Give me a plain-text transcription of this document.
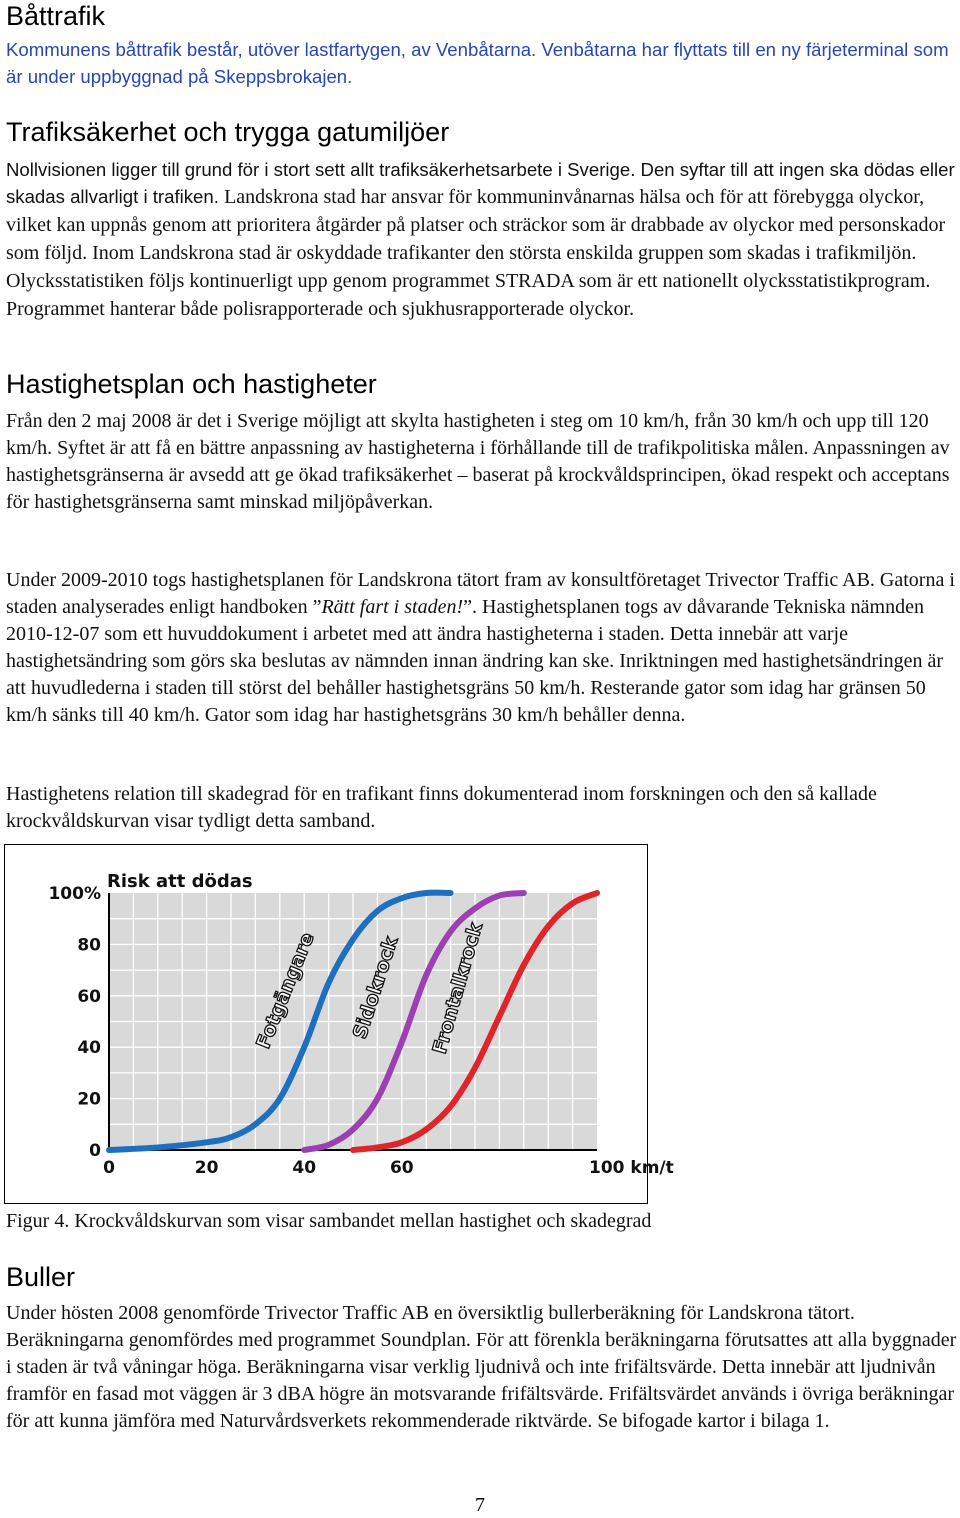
Båttrafik

Kommunens båttrafik består, utöver lastfartygen, av Venbåtarna. Venbåtarna har flyttats till en ny färjeterminal som är under uppbyggnad på Skeppsbrokajen.

Trafiksäkerhet och trygga gatumiljöer

Nollvisionen ligger till grund för i stort sett allt trafiksäkerhetsarbete i Sverige. Den syftar till att ingen ska dödas eller skadas allvarligt i trafiken. Landskrona stad har ansvar för kommuninvånarnas hälsa och för att förebygga olyckor, vilket kan uppnås genom att prioritera åtgärder på platser och sträckor som är drabbade av olyckor med personskador som följd. Inom Landskrona stad är oskyddade trafikanter den största enskilda gruppen som skadas i trafikmiljön. Olycksstatistiken följs kontinuerligt upp genom programmet STRADA som är ett nationellt olycksstatistikprogram. Programmet hanterar både polisrapporterade och sjukhusrapporterade olyckor.

Hastighetsplan och hastigheter

Från den 2 maj 2008 är det i Sverige möjligt att skylta hastigheten i steg om 10 km/h, från 30 km/h och upp till 120 km/h. Syftet är att få en bättre anpassning av hastigheterna i förhållande till de trafikpolitiska målen. Anpassningen av hastighetsgränserna är avsedd att ge ökad trafiksäkerhet – baserat på krockvåldsprincipen, ökad respekt och acceptans för hastighetsgränserna samt minskad miljöpåverkan.

Under 2009-2010 togs hastighetsplanen för Landskrona tätort fram av konsultföretaget Trivector Traffic AB. Gatorna i staden analyserades enligt handboken ”Rätt fart i staden!”. Hastighetsplanen togs av dåvarande Tekniska nämnden 2010-12-07 som ett huvuddokument i arbetet med att ändra hastigheterna i staden. Detta innebär att varje hastighetsändring som görs ska beslutas av nämnden innan ändring kan ske. Inriktningen med hastighetsändringen är att huvudlederna i staden till störst del behåller hastighetsgräns 50 km/h. Resterande gator som idag har gränsen 50 km/h sänks till 40 km/h. Gator som idag har hastighetsgräns 30 km/h behåller denna.

Hastighetens relation till skadegrad för en trafikant finns dokumenterad inom forskningen och den så kallade krockvåldskurvan visar tydligt detta samband.

0	20	40	60	100 km/t
0
20
40
60
80
100%
Risk att dödas
Fotgängare Sidokrock Frontalkrock

Figur 4. Krockvåldskurvan som visar sambandet mellan hastighet och skadegrad

Buller

Under hösten 2008 genomförde Trivector Traffic AB en översiktlig bullerberäkning för Landskrona tätort. Beräkningarna genomfördes med programmet Soundplan. För att förenkla beräkningarna förutsattes att alla byggnader i staden är två våningar höga. Beräkningarna visar verklig ljudnivå och inte frifältsvärde. Detta innebär att ljudnivån framför en fasad mot väggen är 3 dBA högre än motsvarande frifältsvärde. Frifältsvärdet används i övriga beräkningar för att kunna jämföra med Naturvårdsverkets rekommenderade riktvärde. Se bifogade kartor i bilaga 1.

7
